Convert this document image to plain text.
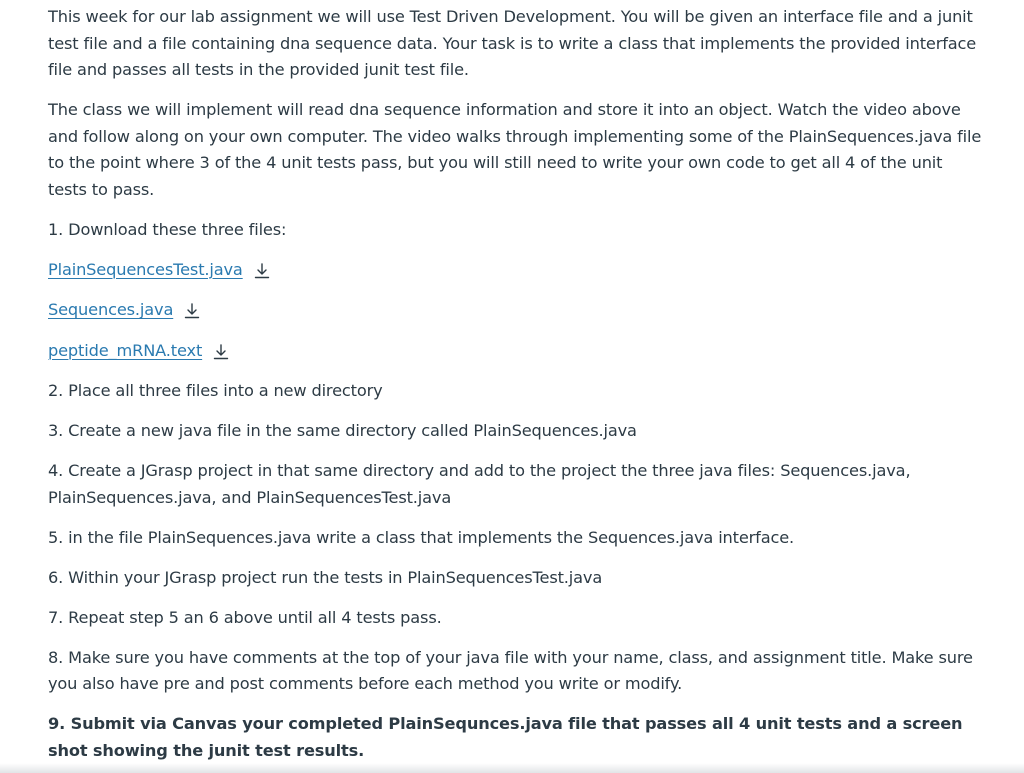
This week for our lab assignment we will use Test Driven Development. You will be given an interface file and a junit test file and a file containing dna sequence data. Your task is to write a class that implements the provided interface file and passes all tests in the provided junit test file.

The class we will implement will read dna sequence information and store it into an object. Watch the video above and follow along on your own computer. The video walks through implementing some of the PlainSequences.java file to the point where 3 of the 4 unit tests pass, but you will still need to write your own code to get all 4 of the unit tests to pass.

1. Download these three files:

PlainSequencesTest.java
Sequences.java
peptide_mRNA.text

2. Place all three files into a new directory

3. Create a new java file in the same directory called PlainSequences.java

4. Create a JGrasp project in that same directory and add to the project the three java files: Sequences.java, PlainSequences.java, and PlainSequencesTest.java

5. in the file PlainSequences.java write a class that implements the Sequences.java interface.

6. Within your JGrasp project run the tests in PlainSequencesTest.java

7. Repeat step 5 an 6 above until all 4 tests pass.

8. Make sure you have comments at the top of your java file with your name, class, and assignment title. Make sure you also have pre and post comments before each method you write or modify.

9. Submit via Canvas your completed PlainSequnces.java file that passes all 4 unit tests and a screen shot showing the junit test results.
